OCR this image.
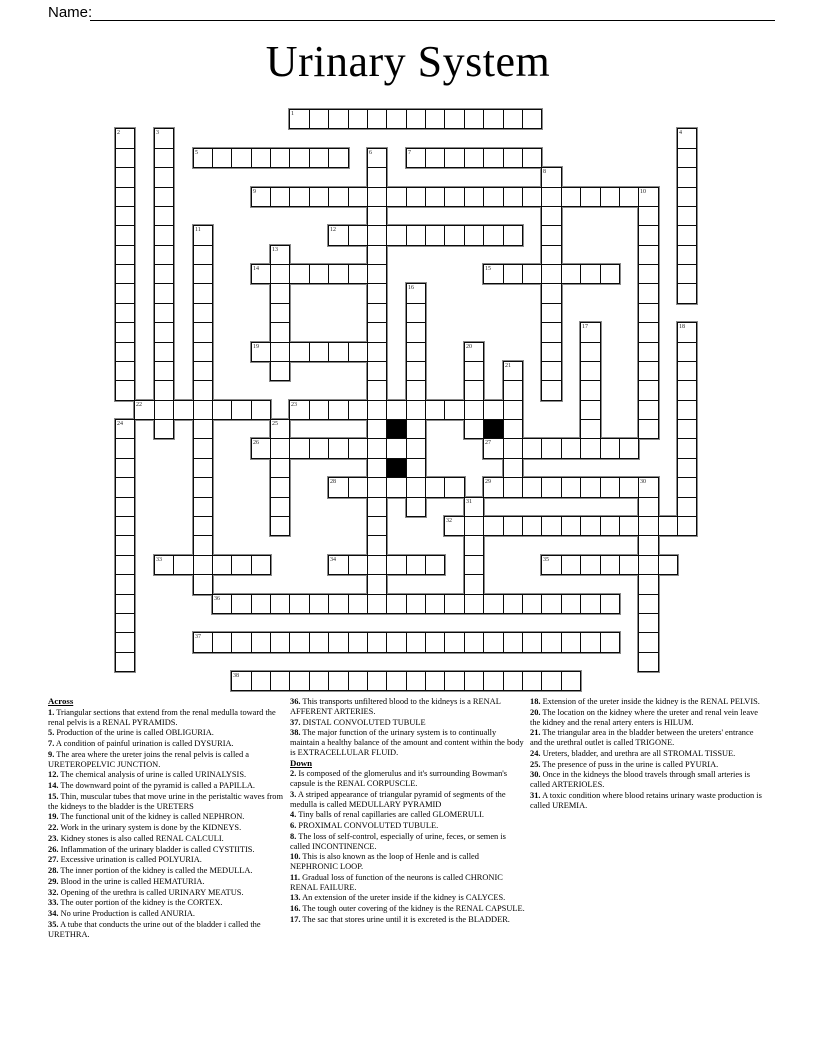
Name:
Urinary System
1
5	7
9
12
14	15
19
22	23
26	27
28	29
32
33	34	35
36
37
38
2	3	4
6
8
10
11
13
16
17	18
20
21
24	25
30
31
Across
1. Triangular sections that extend from the renal medulla toward the renal pelvis is a RENAL PYRAMIDS.
5. Production of the urine is called OBLIGURIA.
7. A condition of painful urination is called DYSURIA.
9. The area where the ureter joins the renal pelvis is called a URETEROPELVIC JUNCTION.
12. The chemical analysis of urine is called URINALYSIS.
14. The downward point of the pyramid is called a PAPILLA.
15. Thin, muscular tubes that move urine in the peristaltic waves from the kidneys to the bladder is the URETERS
19. The functional unit of the kidney is called NEPHRON.
22. Work in the urinary system is done by the KIDNEYS.
23. Kidney stones is also called RENAL CALCULI.
26. Inflammation of the urinary bladder is called CYSTIITIS.
27. Excessive urination is called POLYURIA.
28. The inner portion of the kidney is called the MEDULLA.
29. Blood in the urine is called HEMATURIA.
32. Opening of the urethra is called URINARY MEATUS.
33. The outer portion of the kidney is the CORTEX.
34. No urine Production is called ANURIA.
35. A tube that conducts the urine out of the bladder i called the URETHRA.
36. This transports unfiltered blood to the kidneys is a RENAL AFFERENT ARTERIES.
37. DISTAL CONVOLUTED TUBULE
38. The major function of the urinary system is to continually maintain a healthy balance of the amount and content within the body is EXTRACELLULAR FLUID.
Down
2. Is composed of the glomerulus and it's surrounding Bowman's capsule is the RENAL CORPUSCLE.
3. A striped appearance of triangular pyramid of segments of the medulla is called MEDULLARY PYRAMID
4. Tiny balls of renal capillaries are called GLOMERULI.
6. PROXIMAL CONVOLUTED TUBULE.
8. The loss of self-control, especially of urine, feces, or semen is called INCONTINENCE.
10. This is also known as the loop of Henle and is called NEPHRONIC LOOP.
11. Gradual loss of function of the neurons is called CHRONIC RENAL FAILURE.
13. An extension of the ureter inside if the kidney is CALYCES.
16. The tough outer covering of the kidney is the RENAL CAPSULE.
17. The sac that stores urine until it is excreted is the BLADDER.
18. Extension of the ureter inside the kidney is the RENAL PELVIS.
20. The location on the kidney where the ureter and renal vein leave the kidney and the renal artery enters is HILUM.
21. The triangular area in the bladder between the ureters' entrance and the urethral outlet is called TRIGONE.
24. Ureters, bladder, and urethra are all STROMAL TISSUE.
25. The presence of puss in the urine is called PYURIA.
30. Once in the kidneys the blood travels through small arteries is called ARTERIOLES.
31. A toxic condition where blood retains urinary waste production is called UREMIA.
